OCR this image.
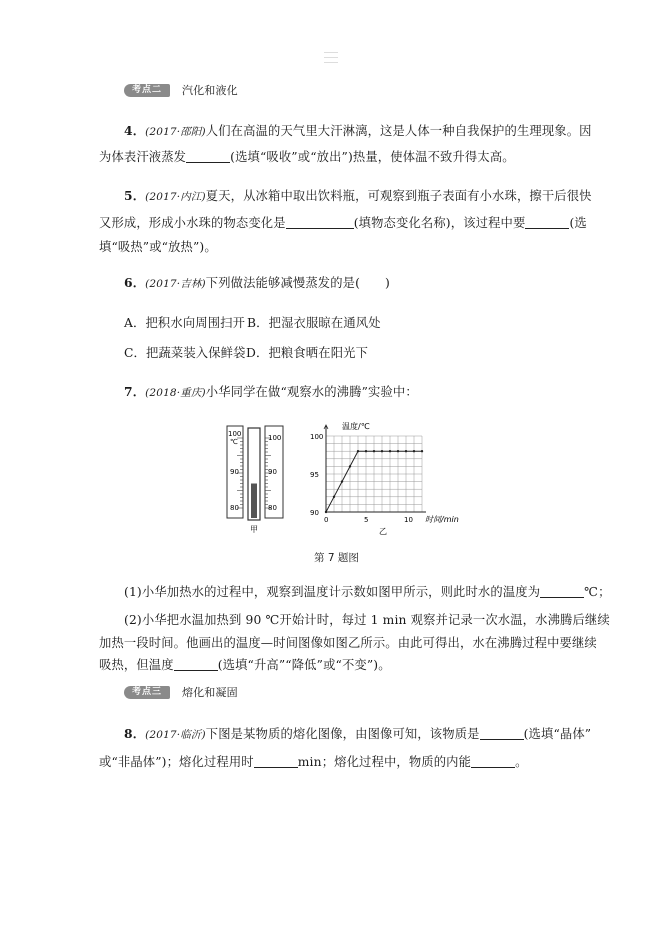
考点二	汽化和液化
4．(2017·邵阳)人们在高温的天气里大汗淋漓，这是人体一种自我保护的生理现象。因
为体表汗液蒸发	(选填“吸收”或“放出”)热量，使体温不致升得太高。
5．(2017·内江)夏天，从冰箱中取出饮料瓶，可观察到瓶子表面有小水珠，擦干后很快
又形成，形成小水珠的物态变化是	(填物态变化名称)，该过程中要	(选
填“吸热”或“放热”)。
6．(2017·吉林)下列做法能够减慢蒸发的是(　　)
A．把积水向周围扫开 B．把湿衣服晾在通风处
C．把蔬菜装入保鲜袋 D．把粮食晒在阳光下
7．(2018·重庆)小华同学在做“观察水的沸腾”实验中：
100
℃
90
80
100
90
80
甲
90
95
100
0	5	10
温度/℃
时间/min
乙
第 7 题图
(1)小华加热水的过程中，观察到温度计示数如图甲所示，则此时水的温度为	℃；
(2)小华把水温加热到 90 ℃开始计时，每过 1 min 观察并记录一次水温，水沸腾后继续
加热一段时间。他画出的温度—时间图像如图乙所示。由此可得出，水在沸腾过程中要继续
吸热，但温度	(选填“升高”“降低”或“不变”)。
考点三	熔化和凝固
8．(2017·临沂)下图是某物质的熔化图像，由图像可知，该物质是	(选填“晶体”
或“非晶体”)；熔化过程用时	min；熔化过程中，物质的内能	。
